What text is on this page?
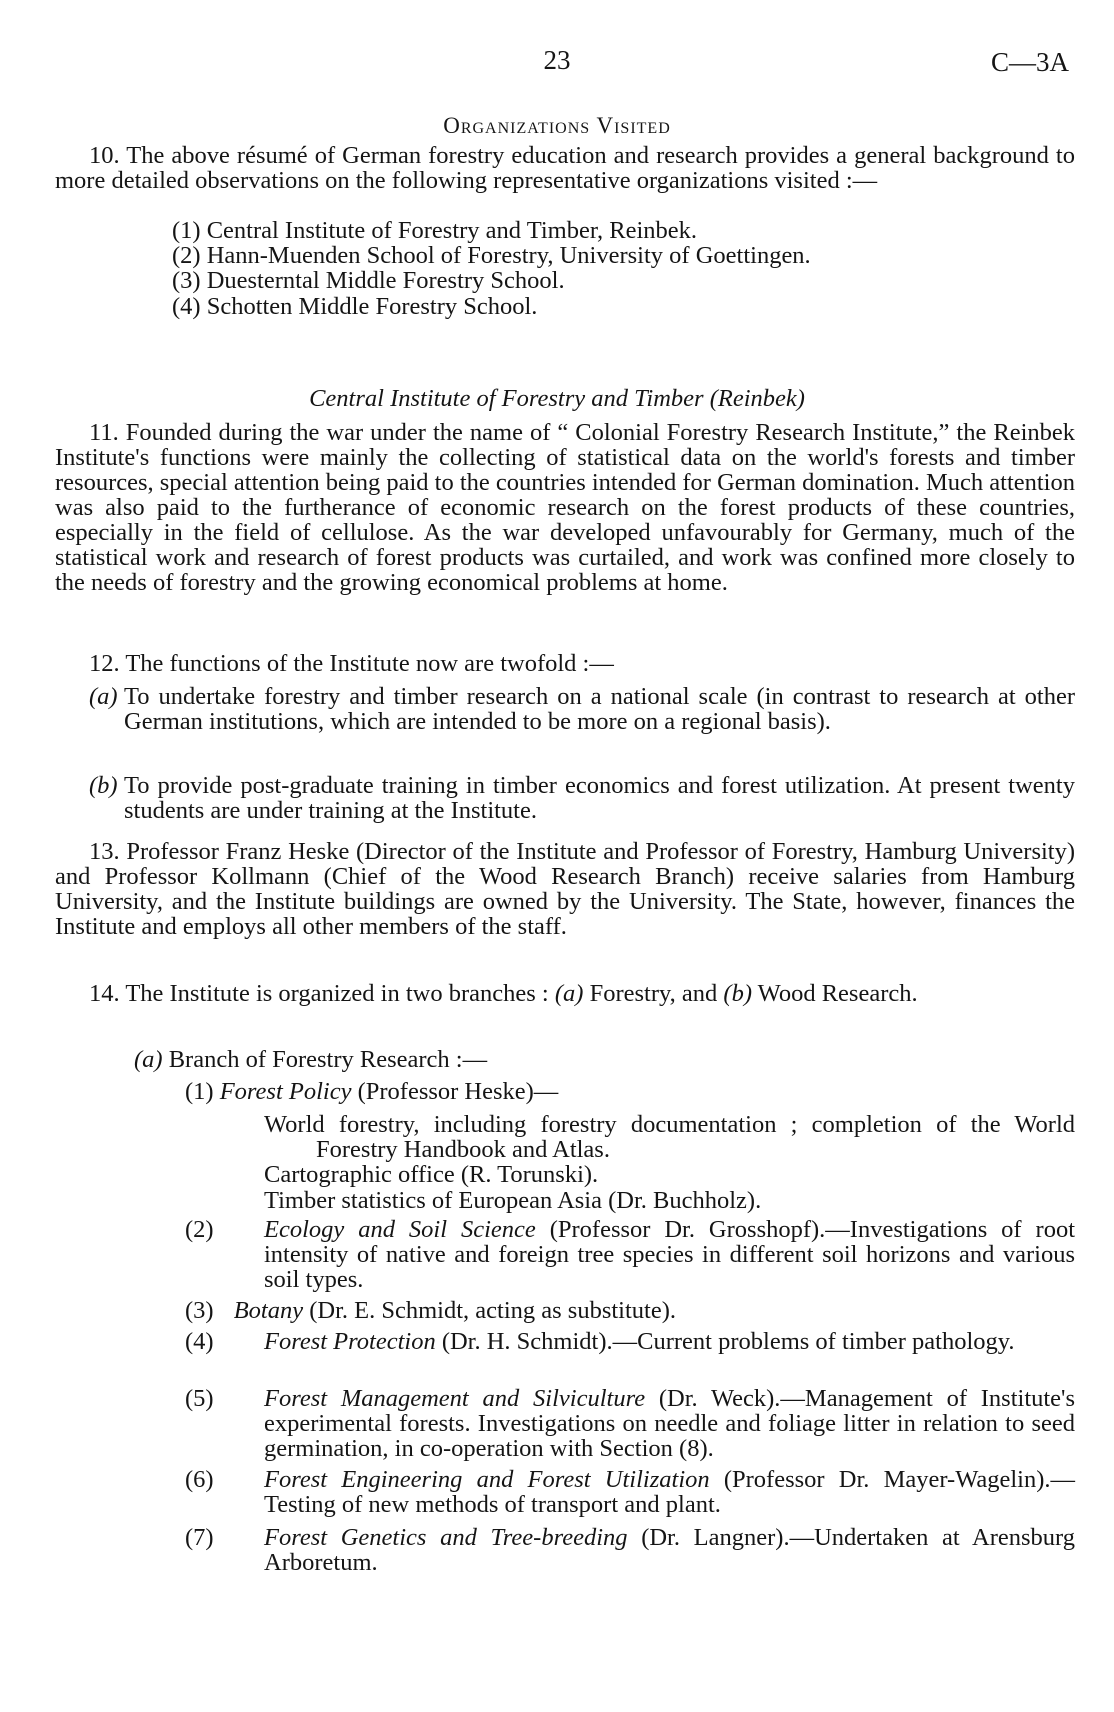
23	C—3A
Organizations Visited
10. The above résumé of German forestry education and research provides a general background to more detailed observations on the following representative organizations visited :—
(1) Central Institute of Forestry and Timber, Reinbek.
(2) Hann-Muenden School of Forestry, University of Goettingen.
(3) Duesterntal Middle Forestry School.
(4) Schotten Middle Forestry School.
Central Institute of Forestry and Timber (Reinbek)
11. Founded during the war under the name of “ Colonial Forestry Research Institute,” the Reinbek Institute's functions were mainly the collecting of statistical data on the world's forests and timber resources, special attention being paid to the countries intended for German domination. Much attention was also paid to the furtherance of economic research on the forest products of these countries, especially in the field of cellulose. As the war developed unfavourably for Germany, much of the statistical work and research of forest products was curtailed, and work was confined more closely to the needs of forestry and the growing economical problems at home.
12. The functions of the Institute now are twofold :—
(a) To undertake forestry and timber research on a national scale (in contrast to research at other German institutions, which are intended to be more on a regional basis).
(b) To provide post-graduate training in timber economics and forest utilization. At present twenty students are under training at the Institute.
13. Professor Franz Heske (Director of the Institute and Professor of Forestry, Hamburg University) and Professor Kollmann (Chief of the Wood Research Branch) receive salaries from Hamburg University, and the Institute buildings are owned by the University. The State, however, finances the Institute and employs all other members of the staff.
14. The Institute is organized in two branches : (a) Forestry, and (b) Wood Research.
(a) Branch of Forestry Research :—
(1) Forest Policy (Professor Heske)—
World forestry, including forestry documentation ; completion of the World Forestry Handbook and Atlas.
Cartographic office (R. Torunski).
Timber statistics of European Asia (Dr. Buchholz).
(2) Ecology and Soil Science (Professor Dr. Grosshopf).—Investigations of root intensity of native and foreign tree species in different soil horizons and various soil types.
(3) Botany (Dr. E. Schmidt, acting as substitute).
(4) Forest Protection (Dr. H. Schmidt).—Current problems of timber pathology.
(5) Forest Management and Silviculture (Dr. Weck).—Management of Institute's experimental forests. Investigations on needle and foliage litter in relation to seed germination, in co-operation with Section (8).
(6) Forest Engineering and Forest Utilization (Professor Dr. Mayer-Wagelin).—Testing of new methods of transport and plant.
(7) Forest Genetics and Tree-breeding (Dr. Langner).—Undertaken at Arensburg Arboretum.
